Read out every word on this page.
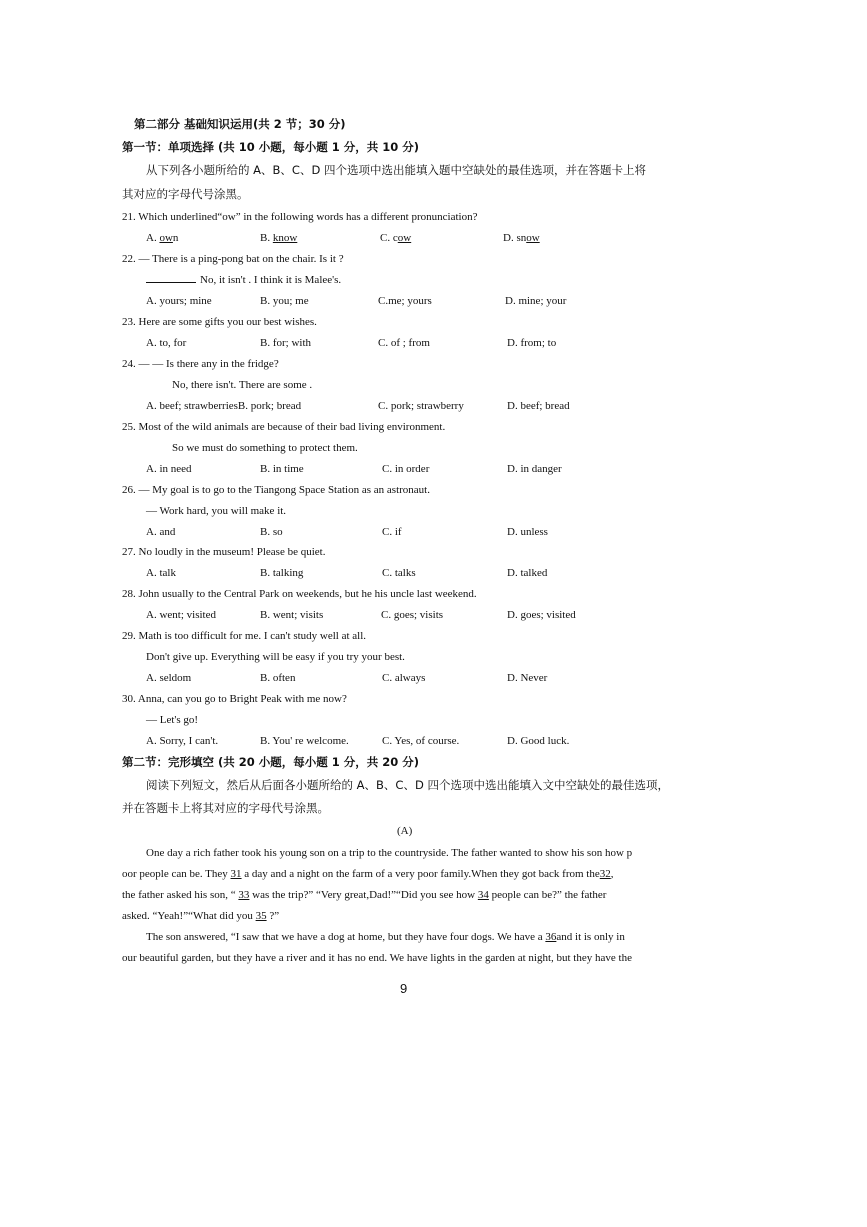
第二部分 基础知识运用(共 2 节；30 分)
第一节：单项选择 (共 10 小题，每小题 1 分，共 10 分)
从下列各小题所给的 A、B、C、D 四个选项中选出能填入题中空缺处的最佳选项，并在答题卡上将
其对应的字母代号涂黑。
21. Which underlined“ow” in the following words has a different pronunciation?
A. own	B. know	C. cow	D. snow
22. — There is a ping-pong bat on the chair. Is it ?
No, it isn't . I think it is Malee's.
A. yours; mine	B. you; me	C.me; yours	D. mine; your
23. Here are some gifts you our best wishes.
A. to, for	B. for; with	C. of ; from	D. from; to
24. — — Is there any in the fridge?
No, there isn't. There are some .
A. beef; strawberriesB. pork; bread	C. pork; strawberry	D. beef; bread
25. Most of the wild animals are because of their bad living environment.
So we must do something to protect them.
A. in need	B. in time	C. in order	D. in danger
26. — My goal is to go to the Tiangong Space Station as an astronaut.
— Work hard, you will make it.
A. and	B. so	C. if	D. unless
27. No loudly in the museum! Please be quiet.
A. talk	B. talking	C. talks	D. talked
28. John usually to the Central Park on weekends, but he his uncle last weekend.
A. went; visited	B. went; visits	C. goes; visits	D. goes; visited
29. Math is too difficult for me. I can't study well at all.
Don't give up. Everything will be easy if you try your best.
A. seldom	B. often	C. always	D. Never
30. Anna, can you go to Bright Peak with me now?
— Let's go!
A. Sorry, I can't.	B. You' re welcome.	C. Yes, of course.	D. Good luck.
第二节：完形填空 (共 20 小题，每小题 1 分，共 20 分)
阅读下列短文，然后从后面各小题所给的 A、B、C、D 四个选项中选出能填入文中空缺处的最佳选项，
并在答题卡上将其对应的字母代号涂黑。
(A)
One day a rich father took his young son on a trip to the countryside. The father wanted to show his son how p
oor people can be. They 31 a day and a night on the farm of a very poor family.When they got back from the32,
the father asked his son, “ 33 was the trip?” “Very great,Dad!”“Did you see how 34 people can be?” the father
asked. “Yeah!”“What did you 35 ?”
The son answered, “I saw that we have a dog at home, but they have four dogs. We have a 36and it is only in
our beautiful garden, but they have a river and it has no end. We have lights in the garden at night, but they have the
9
